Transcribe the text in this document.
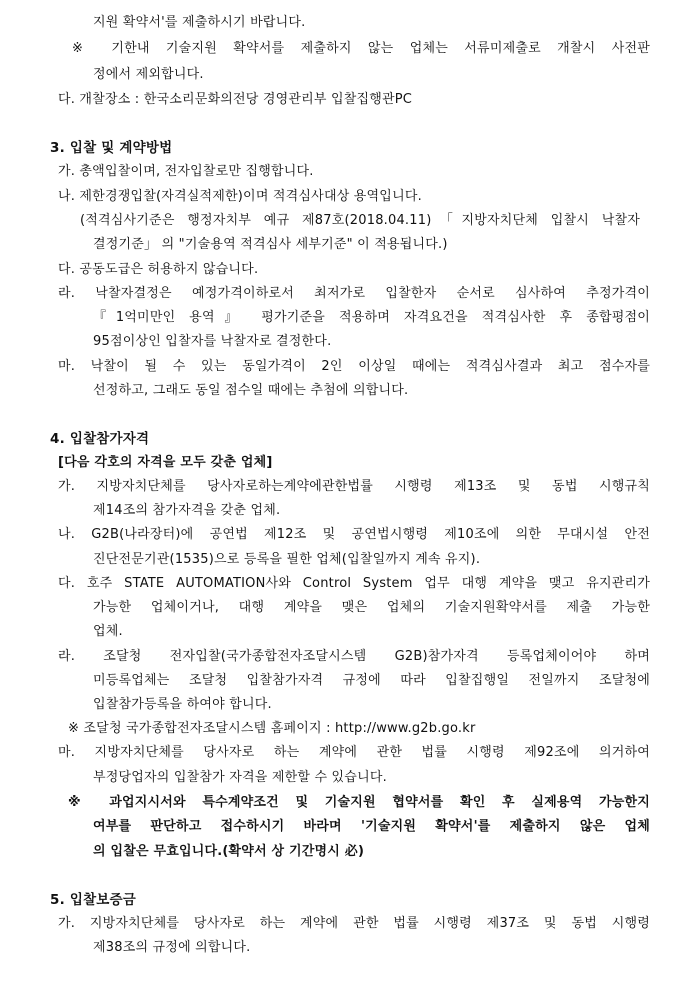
지원 확약서'를 제출하시기 바랍니다.
※ 기한내 기술지원 확약서를 제출하지 않는 업체는 서류미제출로 개찰시 사전판
정에서 제외합니다.
다. 개찰장소 : 한국소리문화의전당 경영관리부 입찰집행관PC
3. 입찰 및 계약방법
가. 총액입찰이며, 전자입찰로만 집행합니다.
나. 제한경쟁입찰(자격실적제한)이며 적격심사대상 용역입니다.
(적격심사기준은 행정자치부 예규 제87호(2018.04.11)「지방자치단체 입찰시 낙찰자
결정기준」 의 "기술용역 적격심사 세부기준" 이 적용됩니다.)
다. 공동도급은 허용하지 않습니다.
라. 낙찰자결정은 예정가격이하로서 최저가로 입찰한자 순서로 심사하여 추정가격이
『1억미만인 용역』 평가기준을 적용하며 자격요건을 적격심사한 후 종합평점이
95점이상인 입찰자를 낙찰자로 결정한다.
마. 낙찰이 될 수 있는 동일가격이 2인 이상일 때에는 적격심사결과 최고 점수자를
선정하고, 그래도 동일 점수일 때에는 추첨에 의합니다.
4. 입찰참가자격
[다음 각호의 자격을 모두 갖춘 업체]
가. 지방자치단체를 당사자로하는계약에관한법률 시행령 제13조 및 동법 시행규칙
제14조의 참가자격을 갖춘 업체.
나. G2B(나라장터)에 공연법 제12조 및 공연법시행령 제10조에 의한 무대시설 안전
진단전문기관(1535)으로 등록을 필한 업체(입찰일까지 계속 유지).
다. 호주 STATE AUTOMATION사와 Control System 업무 대행 계약을 맺고 유지관리가
가능한 업체이거나, 대행 계약을 맺은 업체의 기술지원확약서를 제출 가능한
업체.
라. 조달청 전자입찰(국가종합전자조달시스템 G2B)참가자격 등록업체이어야 하며
미등록업체는 조달청 입찰참가자격 규정에 따라 입찰집행일 전일까지 조달청에
입찰참가등록을 하여야 합니다.
※ 조달청 국가종합전자조달시스템 홈페이지 : http://www.g2b.go.kr
마. 지방자치단체를 당사자로 하는 계약에 관한 법률 시행령 제92조에 의거하여
부정당업자의 입찰참가 자격을 제한할 수 있습니다.
※ 과업지시서와 특수계약조건 및 기술지원 협약서를 확인 후 실제용역 가능한지
여부를 판단하고 접수하시기 바라며 '기술지원 확약서'를 제출하지 않은 업체
의 입찰은 무효입니다.(확약서 상 기간명시 必)
5. 입찰보증금
가. 지방자치단체를 당사자로 하는 계약에 관한 법률 시행령 제37조 및 동법 시행령
제38조의 규정에 의합니다.
